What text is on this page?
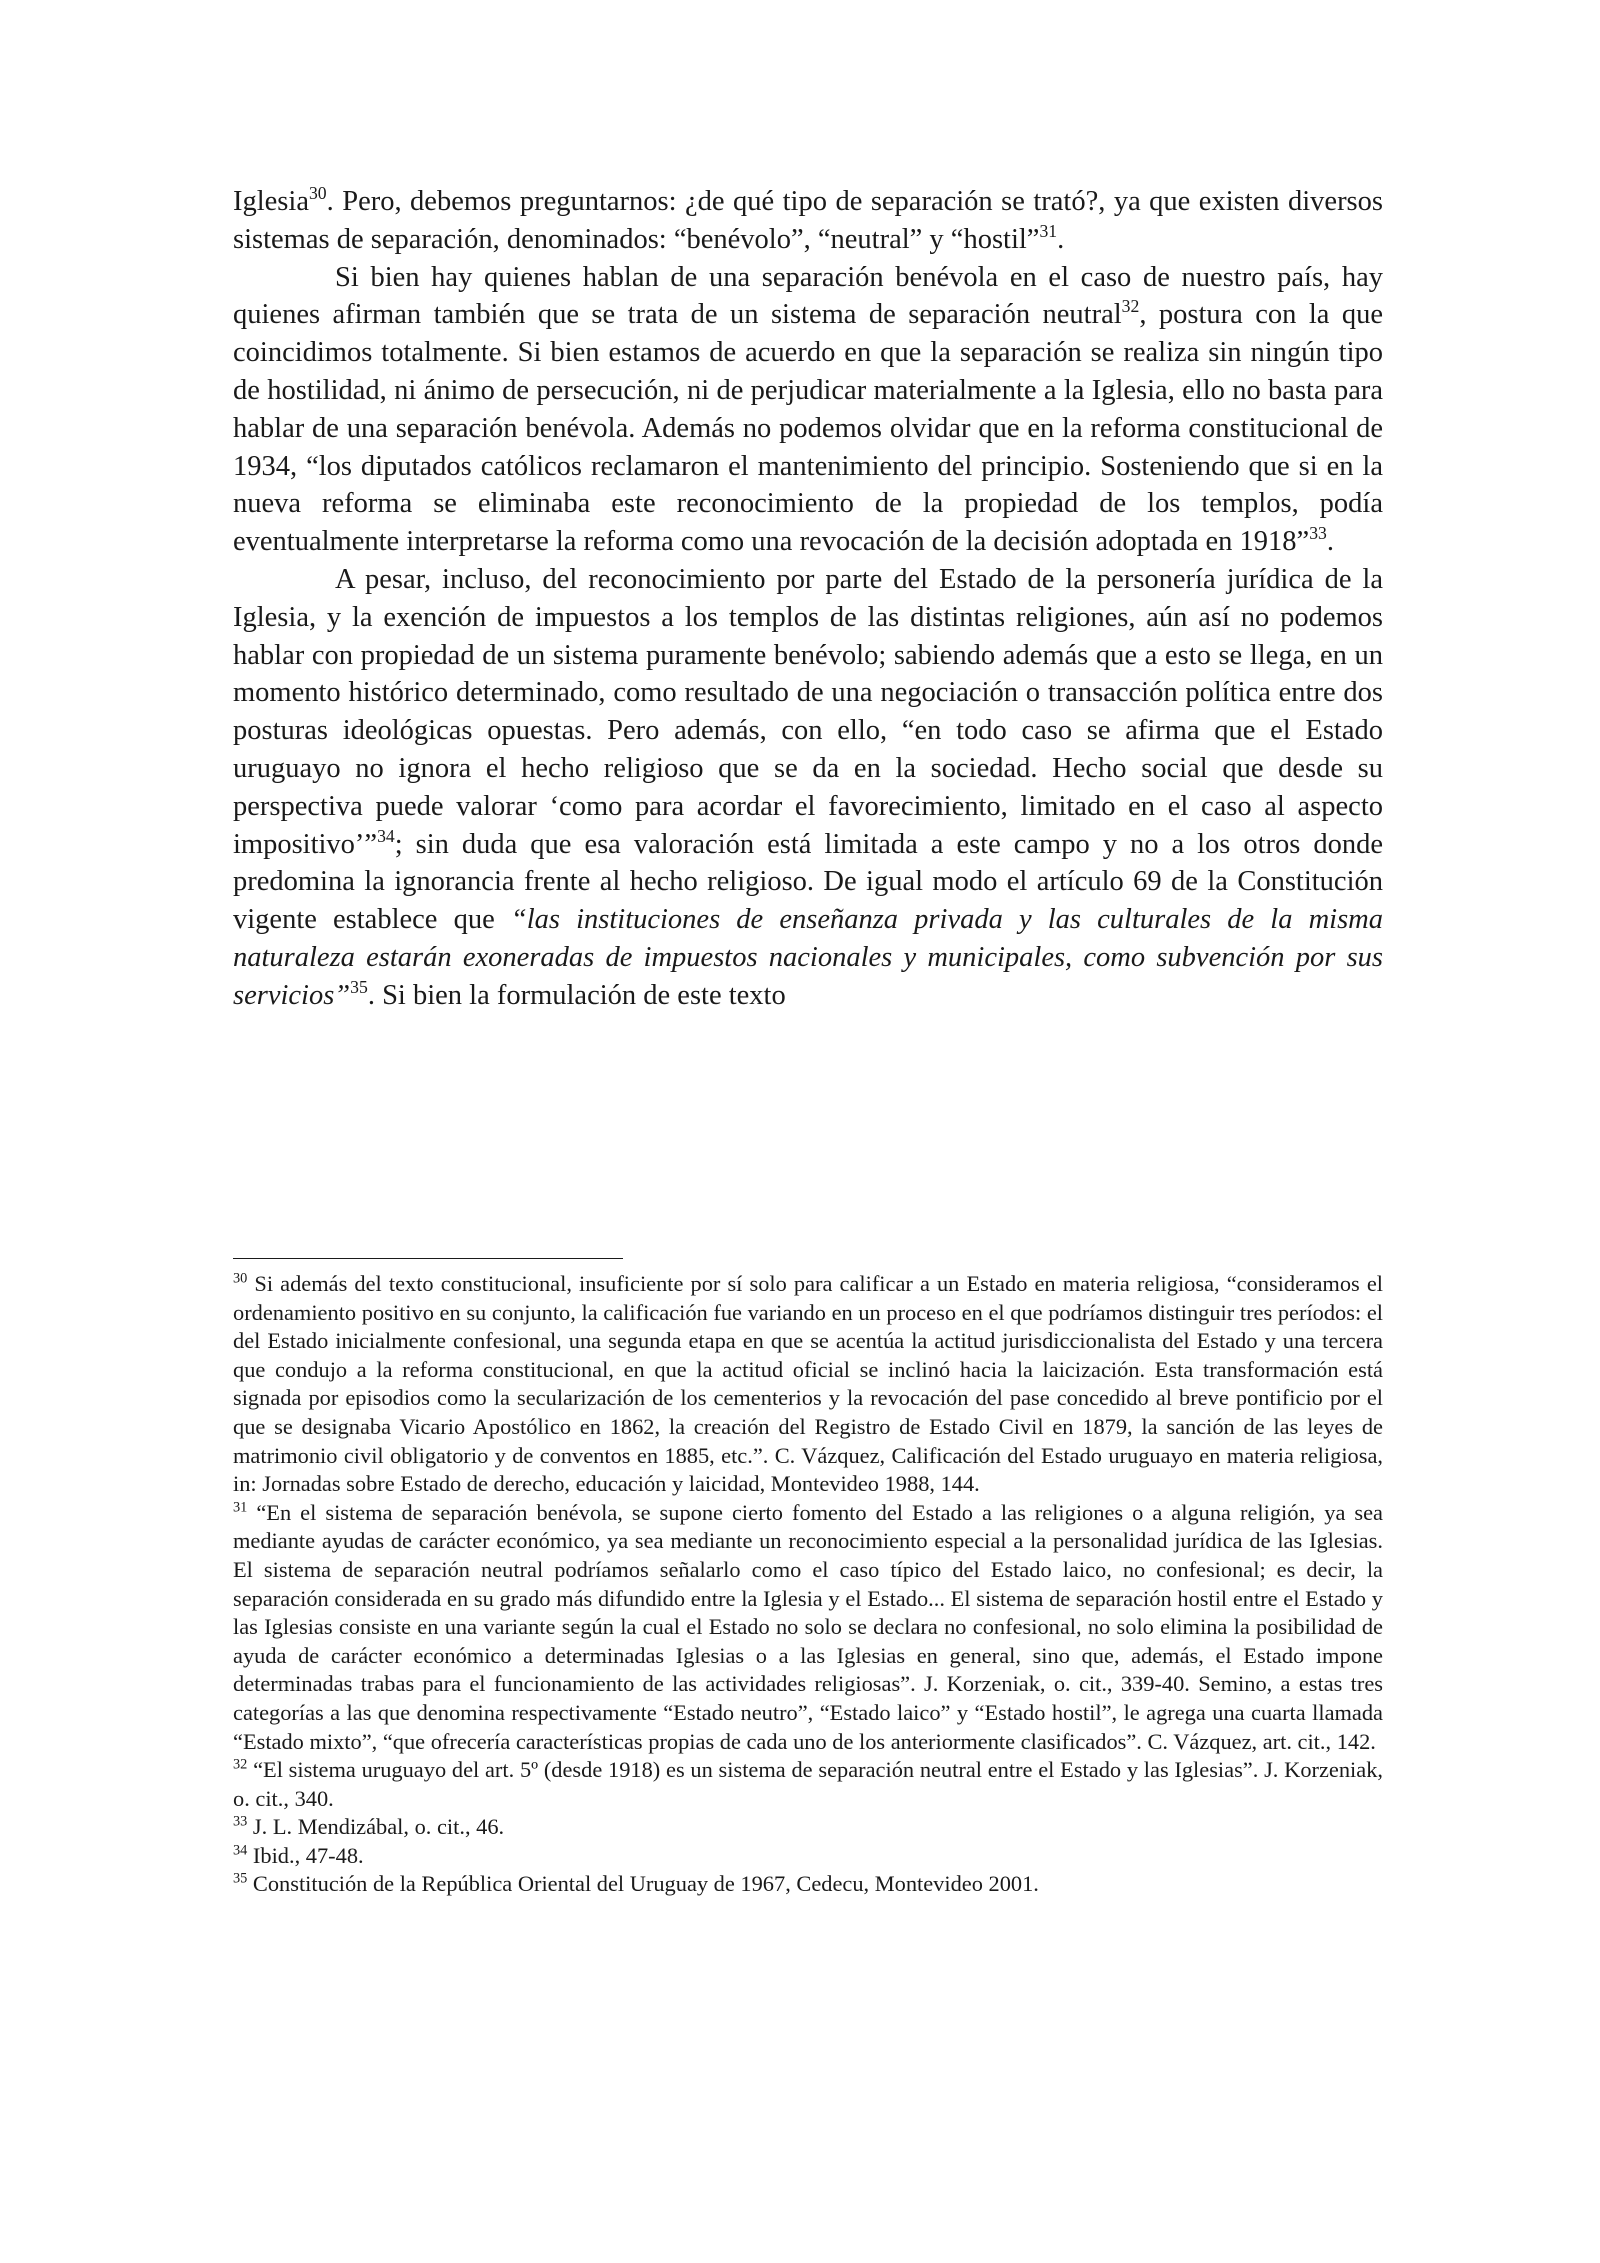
Iglesia$^{30}$. Pero, debemos preguntarnos: ¿de qué tipo de separación se trató?, ya que existen diversos sistemas de separación, denominados: “benévolo”, “neutral” y “hostil”$^{31}$.

Si bien hay quienes hablan de una separación benévola en el caso de nuestro país, hay quienes afirman también que se trata de un sistema de separación neutral$^{32}$, postura con la que coincidimos totalmente. Si bien estamos de acuerdo en que la separación se realiza sin ningún tipo de hostilidad, ni ánimo de persecución, ni de perjudicar materialmente a la Iglesia, ello no basta para hablar de una separación benévola. Además no podemos olvidar que en la reforma constitucional de 1934, “los diputados católicos reclamaron el mantenimiento del principio. Sosteniendo que si en la nueva reforma se eliminaba este reconocimiento de la propiedad de los templos, podía eventualmente interpretarse la reforma como una revocación de la decisión adoptada en 1918”$^{33}$.

A pesar, incluso, del reconocimiento por parte del Estado de la personería jurídica de la Iglesia, y la exención de impuestos a los templos de las distintas religiones, aún así no podemos hablar con propiedad de un sistema puramente benévolo; sabiendo además que a esto se llega, en un momento histórico determinado, como resultado de una negociación o transacción política entre dos posturas ideológicas opuestas. Pero además, con ello, “en todo caso se afirma que el Estado uruguayo no ignora el hecho religioso que se da en la sociedad. Hecho social que desde su perspectiva puede valorar ‘como para acordar el favorecimiento, limitado en el caso al aspecto impositivo’”$^{34}$; sin duda que esa valoración está limitada a este campo y no a los otros donde predomina la ignorancia frente al hecho religioso. De igual modo el artículo 69 de la Constitución vigente establece que “las instituciones de enseñanza privada y las culturales de la misma naturaleza estarán exoneradas de impuestos nacionales y municipales, como subvención por sus servicios”$^{35}$. Si bien la formulación de este texto

$^{30}$ Si además del texto constitucional, insuficiente por sí solo para calificar a un Estado en materia religiosa, “consideramos el ordenamiento positivo en su conjunto, la calificación fue variando en un proceso en el que podríamos distinguir tres períodos: el del Estado inicialmente confesional, una segunda etapa en que se acentúa la actitud jurisdiccionalista del Estado y una tercera que condujo a la reforma constitucional, en que la actitud oficial se inclinó hacia la laicización. Esta transformación está signada por episodios como la secularización de los cementerios y la revocación del pase concedido al breve pontificio por el que se designaba Vicario Apostólico en 1862, la creación del Registro de Estado Civil en 1879, la sanción de las leyes de matrimonio civil obligatorio y de conventos en 1885, etc.”. C. Vázquez, Calificación del Estado uruguayo en materia religiosa, in: Jornadas sobre Estado de derecho, educación y laicidad, Montevideo 1988, 144.

$^{31}$ “En el sistema de separación benévola, se supone cierto fomento del Estado a las religiones o a alguna religión, ya sea mediante ayudas de carácter económico, ya sea mediante un reconocimiento especial a la personalidad jurídica de las Iglesias. El sistema de separación neutral podríamos señalarlo como el caso típico del Estado laico, no confesional; es decir, la separación considerada en su grado más difundido entre la Iglesia y el Estado... El sistema de separación hostil entre el Estado y las Iglesias consiste en una variante según la cual el Estado no solo se declara no confesional, no solo elimina la posibilidad de ayuda de carácter económico a determinadas Iglesias o a las Iglesias en general, sino que, además, el Estado impone determinadas trabas para el funcionamiento de las actividades religiosas”. J. Korzeniak, o. cit., 339-40. Semino, a estas tres categorías a las que denomina respectivamente “Estado neutro”, “Estado laico” y “Estado hostil”, le agrega una cuarta llamada “Estado mixto”, “que ofrecería características propias de cada uno de los anteriormente clasificados”. C. Vázquez, art. cit., 142.

$^{32}$ “El sistema uruguayo del art. 5º (desde 1918) es un sistema de separación neutral entre el Estado y las Iglesias”. J. Korzeniak, o. cit., 340.

$^{33}$ J. L. Mendizábal, o. cit., 46.

$^{34}$ Ibid., 47-48.

$^{35}$ Constitución de la República Oriental del Uruguay de 1967, Cedecu, Montevideo 2001.
